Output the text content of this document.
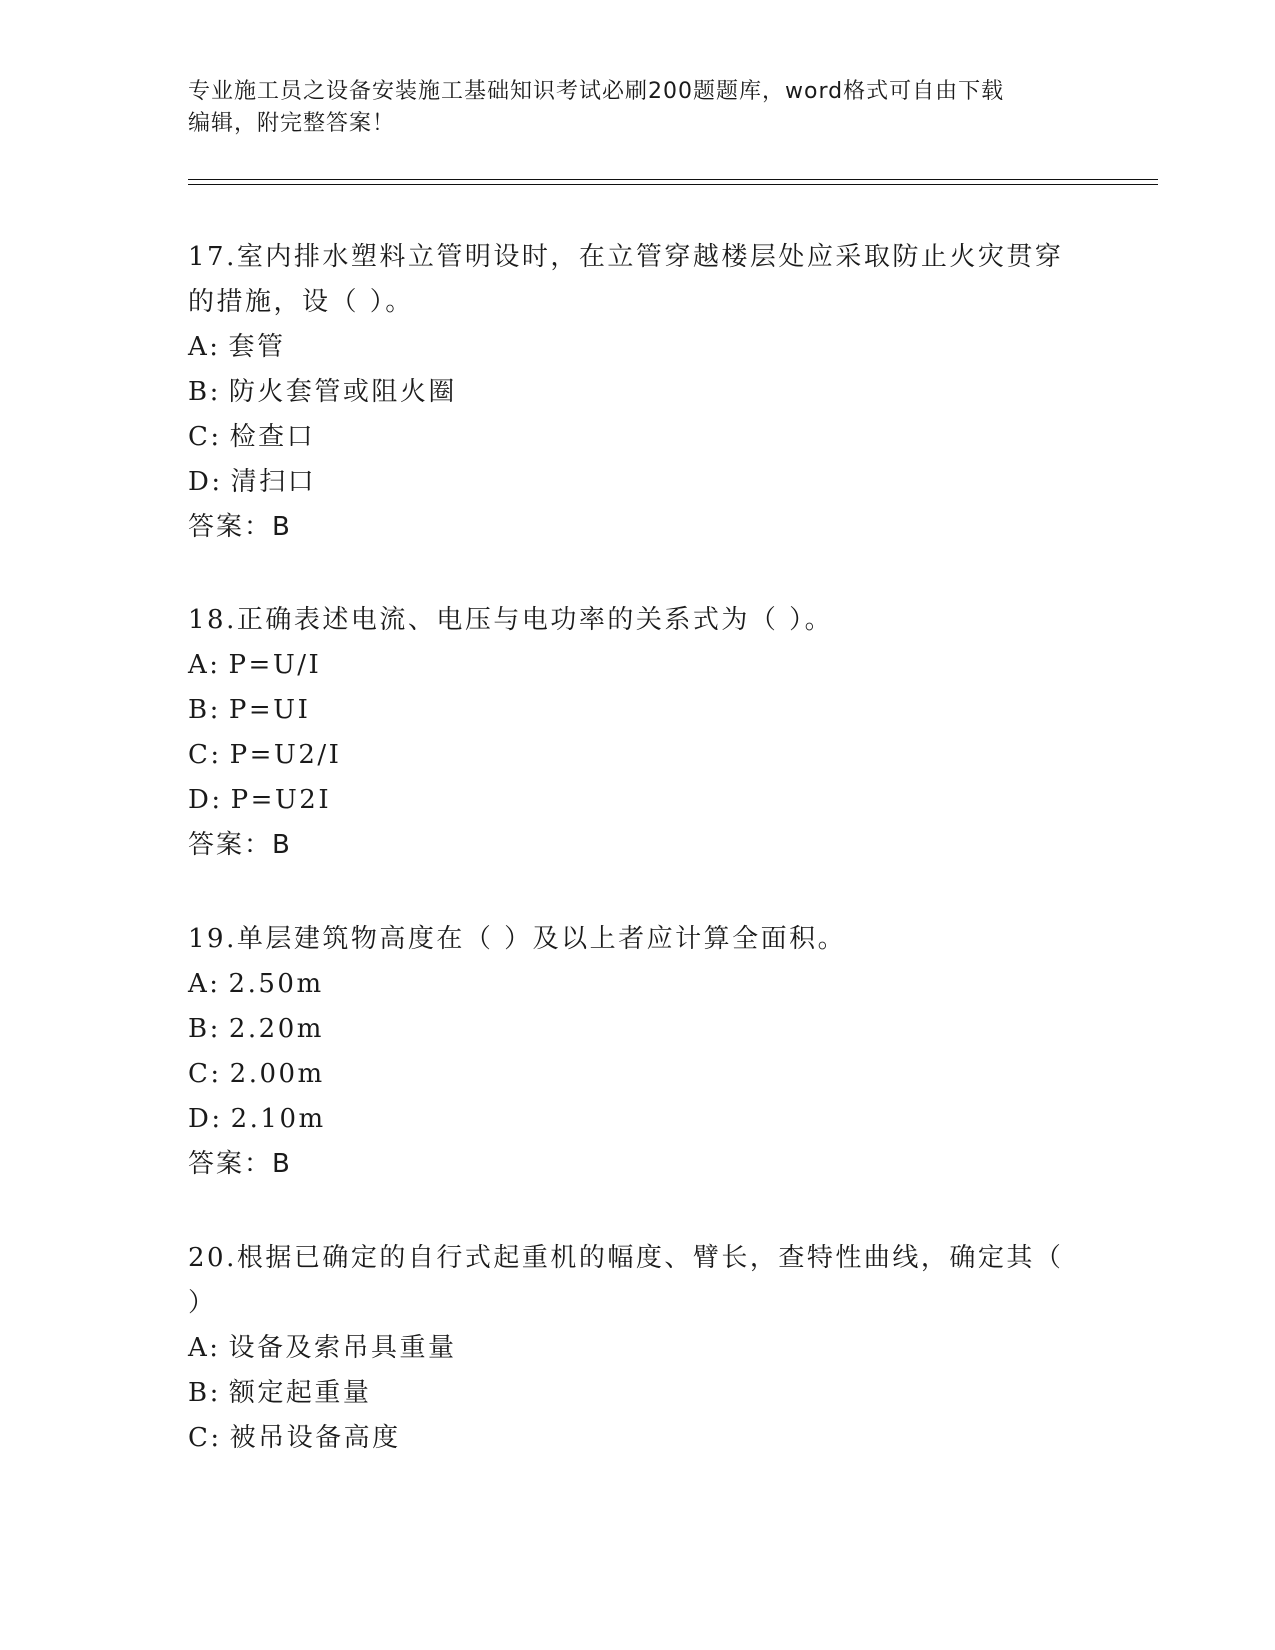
专业施工员之设备安装施工基础知识考试必刷200题题库，word格式可自由下载
编辑，附完整答案！

17.室内排水塑料立管明设时，在立管穿越楼层处应采取防止火灾贯穿的措施，设（ ）。

A: 套管
B: 防火套管或阻火圈
C: 检查口
D: 清扫口
答案：B

18.正确表述电流、电压与电功率的关系式为（ ）。

A: P=U/I
B: P=UI
C: P=U2/I
D: P=U2I
答案：B

19.单层建筑物高度在（ ）及以上者应计算全面积。

A: 2.50m
B: 2.20m
C: 2.00m
D: 2.10m
答案：B

20.根据已确定的自行式起重机的幅度、臂长，查特性曲线，确定其（ ）

A: 设备及索吊具重量
B: 额定起重量
C: 被吊设备高度
